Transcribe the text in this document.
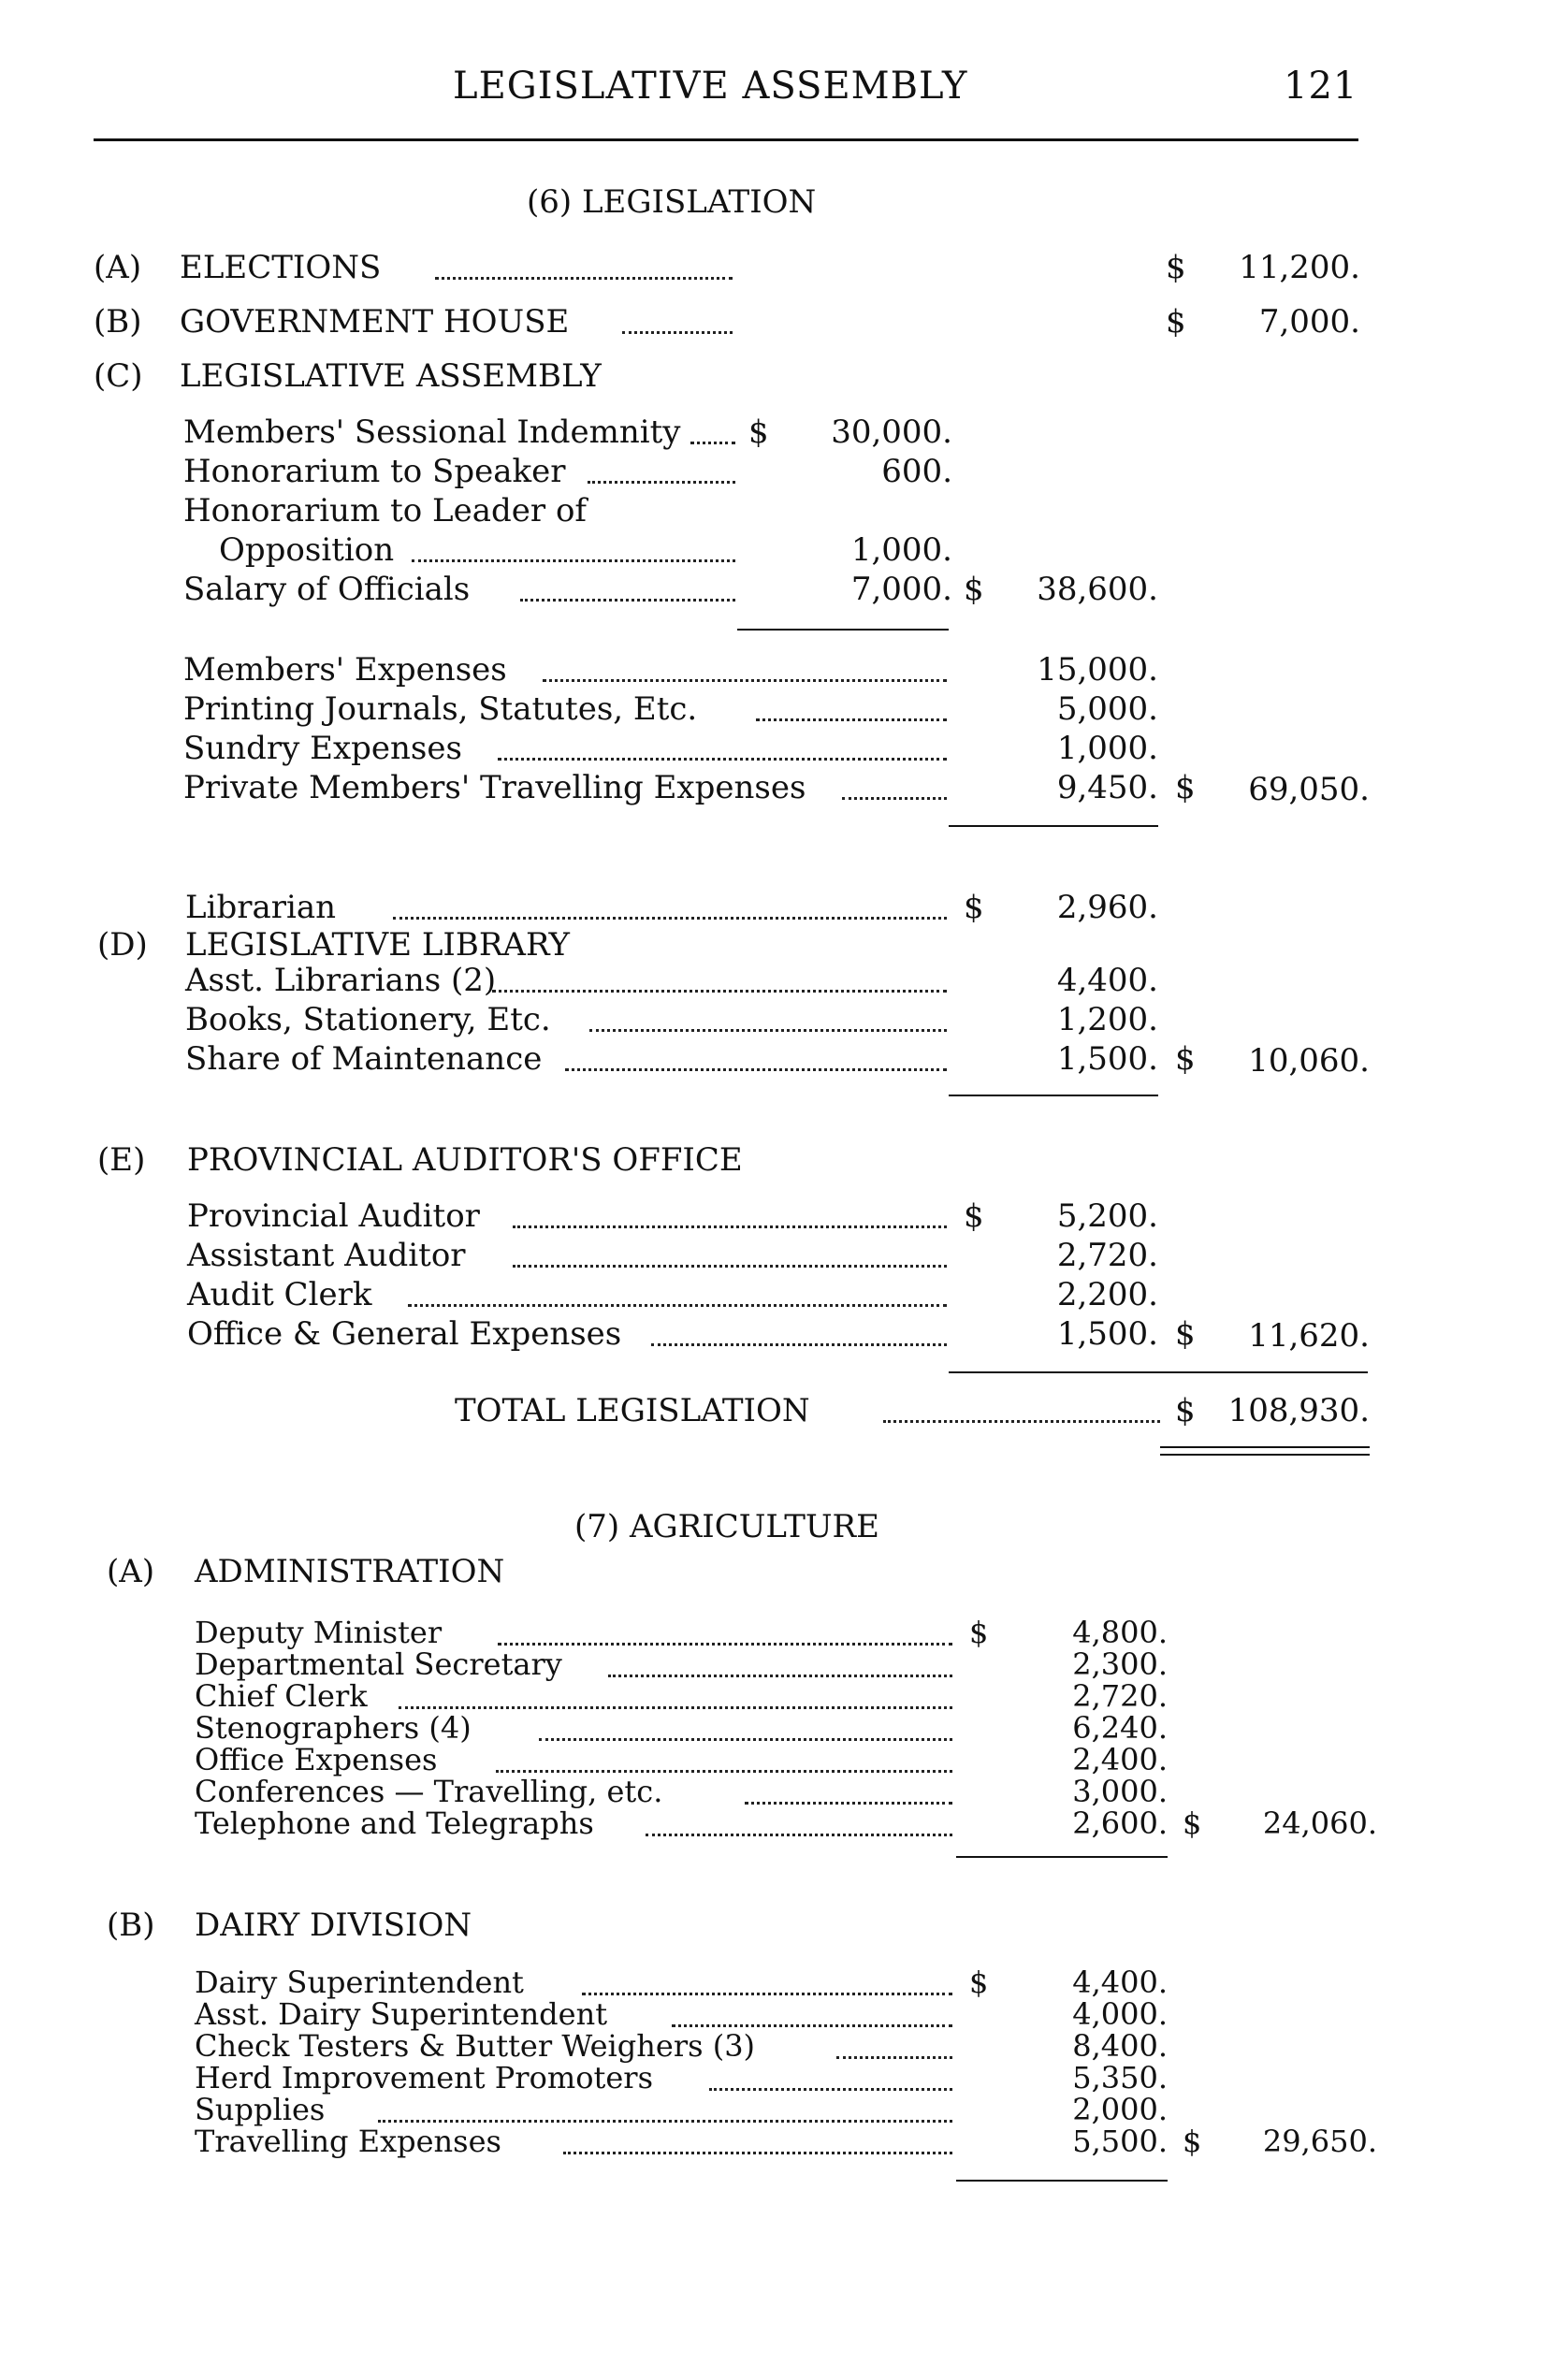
LEGISLATIVE ASSEMBLY	121
(6) LEGISLATION
(A) ELECTIONS	$	11,200.
(B) GOVERNMENT HOUSE	$	7,000.
(C) LEGISLATIVE ASSEMBLY
Members' Sessional Indemnity $	30,000.
Honorarium to Speaker	600.
Honorarium to Leader of
Opposition	1,000.
Salary of Officials	7,000. $	38,600.
Members' Expenses	15,000.
Printing Journals, Statutes, Etc.	5,000.
Sundry Expenses	1,000.
Private Members' Travelling Expenses	9,450. $	69,050.
Librarian	$	2,960.
(D) LEGISLATIVE LIBRARY
Asst. Librarians (2)	4,400.
Books, Stationery, Etc.	1,200.
Share of Maintenance	1,500. $	10,060.
(E) PROVINCIAL AUDITOR'S OFFICE
Provincial Auditor	$	5,200.
Assistant Auditor	2,720.
Audit Clerk	2,200.
Office & General Expenses	1,500. $	11,620.
TOTAL LEGISLATION	$	108,930.
(7) AGRICULTURE
(A) ADMINISTRATION
Deputy Minister	$	4,800.
Departmental Secretary	2,300.
Chief Clerk	2,720.
Stenographers (4)	6,240.
Office Expenses	2,400.
Conferences — Travelling, etc.	3,000.
Telephone and Telegraphs	2,600. $	24,060.
(B) DAIRY DIVISION
Dairy Superintendent	$	4,400.
Asst. Dairy Superintendent	4,000.
Check Testers & Butter Weighers (3)	8,400.
Herd Improvement Promoters	5,350.
Supplies	2,000.
Travelling Expenses	5,500. $	29,650.
